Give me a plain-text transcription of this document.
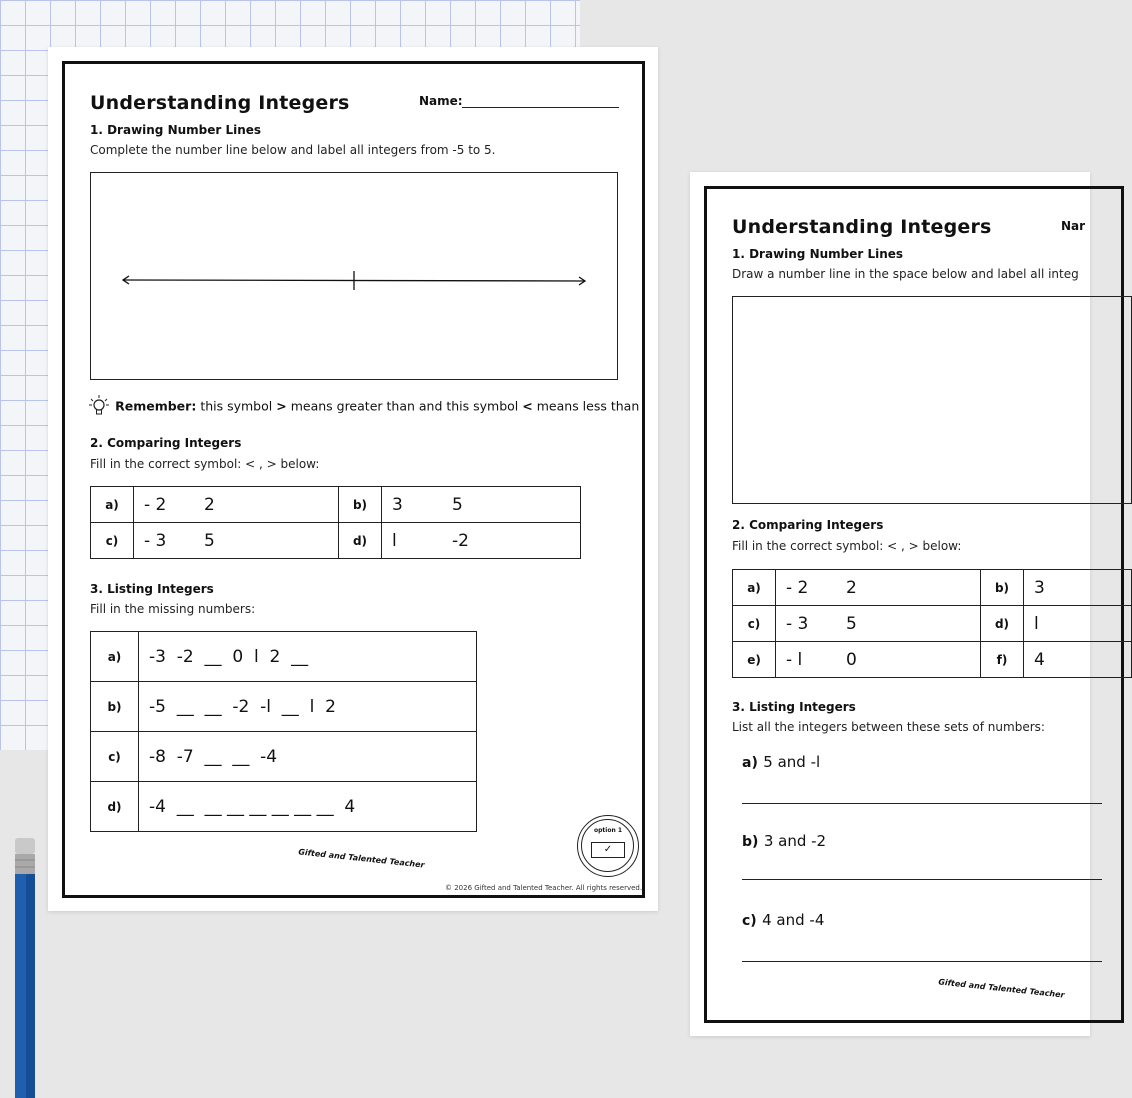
Understanding Integers	Name:
1. Drawing Number Lines
Complete the number line below and label all integers from -5 to 5.
Remember: this symbol > means greater than and this symbol < means less than
2. Comparing Integers
Fill in the correct symbol: < , > below:
a)	- 2 2	b)	3 5
c)	- 3 5	d)	l -2
3. Listing Integers
Fill in the missing numbers:
a)	-3  -2  __  0  l  2  __
b)	-5  __  __  -2  -l  __  l  2
c)	-8  -7  __  __  -4
d)	-4  __  __ __ __ __ __ __  4
option 1
✓
Gifted and Talented Teacher
© 2026 Gifted and Talented Teacher. All rights reserved.
Understanding Integers	Nar
1. Drawing Number Lines
Draw a number line in the space below and label all integ
2. Comparing Integers
Fill in the correct symbol: < , > below:
a)	- 2 2	b)	3
c)	- 3 5	d)	l
e)	- l 0	f)	4
3. Listing Integers
List all the integers between these sets of numbers:
a) 5 and -l
b) 3 and -2
c) 4 and -4
Gifted and Talented Teacher
